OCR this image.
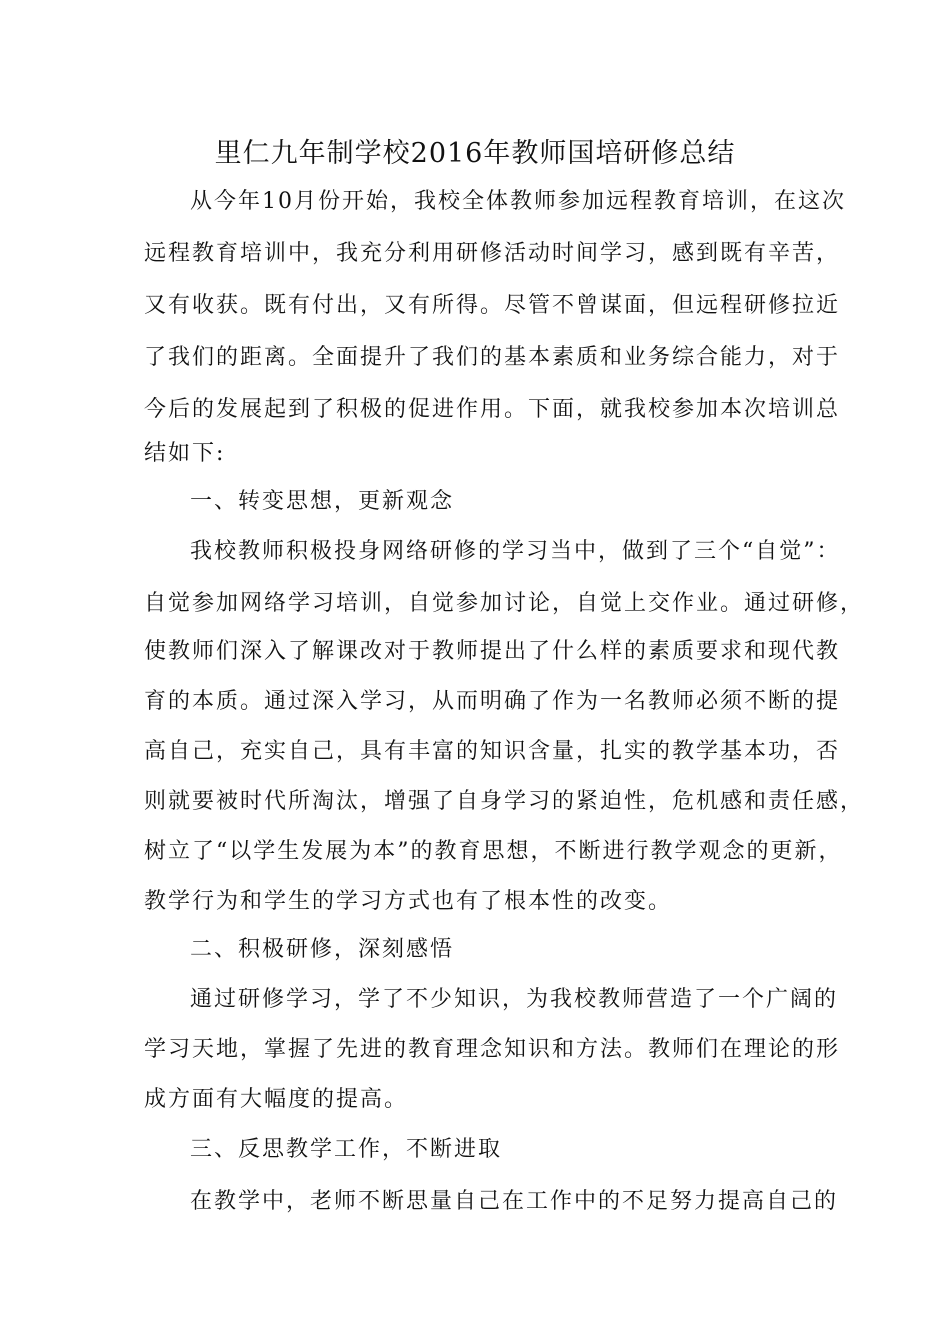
里仁九年制学校2016年教师国培研修总结
从今年10月份开始，我校全体教师参加远程教育培训，在这次
远程教育培训中，我充分利用研修活动时间学习，感到既有辛苦，
又有收获。既有付出，又有所得。尽管不曾谋面，但远程研修拉近
了我们的距离。全面提升了我们的基本素质和业务综合能力，对于
今后的发展起到了积极的促进作用。下面，就我校参加本次培训总
结如下:
一、转变思想，更新观念
我校教师积极投身网络研修的学习当中，做到了三个“自觉”：
自觉参加网络学习培训，自觉参加讨论，自觉上交作业。通过研修，
使教师们深入了解课改对于教师提出了什么样的素质要求和现代教
育的本质。通过深入学习，从而明确了作为一名教师必须不断的提
高自己，充实自己，具有丰富的知识含量，扎实的教学基本功，否
则就要被时代所淘汰，增强了自身学习的紧迫性，危机感和责任感，
树立了“以学生发展为本”的教育思想，不断进行教学观念的更新，
教学行为和学生的学习方式也有了根本性的改变。
二、积极研修，深刻感悟
通过研修学习，学了不少知识，为我校教师营造了一个广阔的
学习天地，掌握了先进的教育理念知识和方法。教师们在理论的形
成方面有大幅度的提高。
三、反思教学工作，不断进取
在教学中，老师不断思量自己在工作中的不足努力提高自己的
